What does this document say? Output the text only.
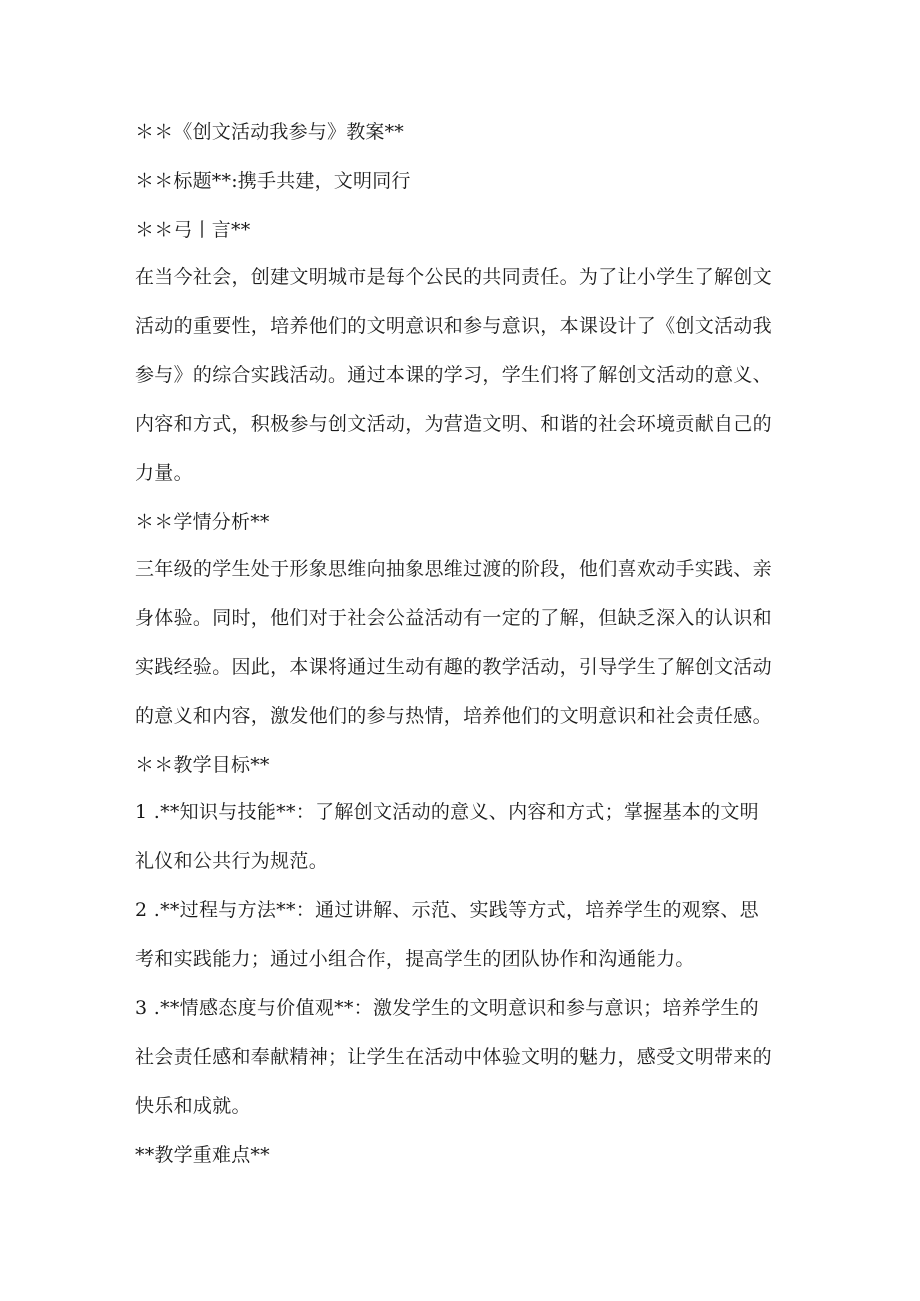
＊＊《创文活动我参与》教案**
＊＊标题**:携手共建，文明同行
＊＊弓丨言**
在当今社会，创建文明城市是每个公民的共同责任。为了让小学生了解创文
活动的重要性，培养他们的文明意识和参与意识，本课设计了《创文活动我
参与》的综合实践活动。通过本课的学习，学生们将了解创文活动的意义、
内容和方式，积极参与创文活动，为营造文明、和谐的社会环境贡献自己的
力量。
＊＊学情分析**
三年级的学生处于形象思维向抽象思维过渡的阶段，他们喜欢动手实践、亲
身体验。同时，他们对于社会公益活动有一定的了解，但缺乏深入的认识和
实践经验。因此，本课将通过生动有趣的教学活动，引导学生了解创文活动
的意义和内容，激发他们的参与热情，培养他们的文明意识和社会责任感。
＊＊教学目标**
1 .**知识与技能**：了解创文活动的意义、内容和方式；掌握基本的文明
礼仪和公共行为规范。
2 .**过程与方法**：通过讲解、示范、实践等方式，培养学生的观察、思
考和实践能力；通过小组合作，提高学生的团队协作和沟通能力。
3 .**情感态度与价值观**：激发学生的文明意识和参与意识；培养学生的
社会责任感和奉献精神；让学生在活动中体验文明的魅力，感受文明带来的
快乐和成就。
**教学重难点**
